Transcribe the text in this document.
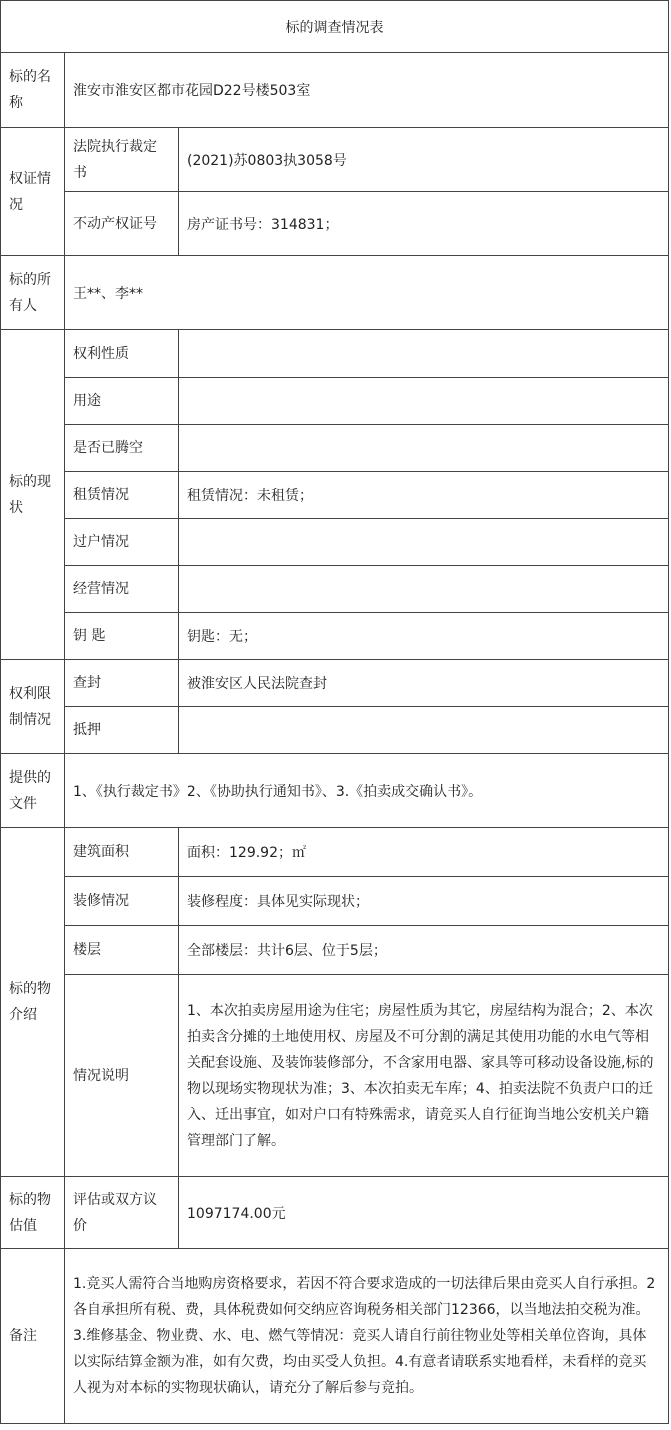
标的调查情况表		
标的名称	淮安市淮安区都市花园D22号楼503室	
权证情况	法院执行裁定书	(2021)苏0803执3058号
	不动产权证号	房产证书号：314831；
标的所有人	王**、李**	
标的现状	权利性质	
	用途	
	是否已腾空	
	租赁情况	租赁情况：未租赁；
	过户情况	
	经营情况	
	钥 匙	钥匙：无；
权利限制情况	查封	被淮安区人民法院查封
	抵押	
提供的文件	1、《执行裁定书》2、《协助执行通知书》、3.《拍卖成交确认书》。	
标的物介绍	建筑面积	面积：129.92；㎡
	装修情况	装修程度：具体见实际现状；
	楼层	全部楼层：共计6层、位于5层；
	情况说明	1、本次拍卖房屋用途为住宅；房屋性质为其它，房屋结构为混合；2、本次拍卖含分摊的土地使用权、房屋及不可分割的满足其使用功能的水电气等相关配套设施、及装饰装修部分，不含家用电器、家具等可移动设备设施,标的物以现场实物现状为准；3、本次拍卖无车库；4、拍卖法院不负责户口的迁入、迁出事宜，如对户口有特殊需求，请竞买人自行征询当地公安机关户籍管理部门了解。
标的物估值	评估或双方议价	1097174.00元
备注	1.竞买人需符合当地购房资格要求，若因不符合要求造成的一切法律后果由竞买人自行承担。2 各自承担所有税、费，具体税费如何交纳应咨询税务相关部门12366，以当地法拍交税为准。3.维修基金、物业费、水、电、燃气等情况：竞买人请自行前往物业处等相关单位咨询，具体以实际结算金额为准，如有欠费，均由买受人负担。4.有意者请联系实地看样，未看样的竞买人视为对本标的实物现状确认，请充分了解后参与竞拍。	
